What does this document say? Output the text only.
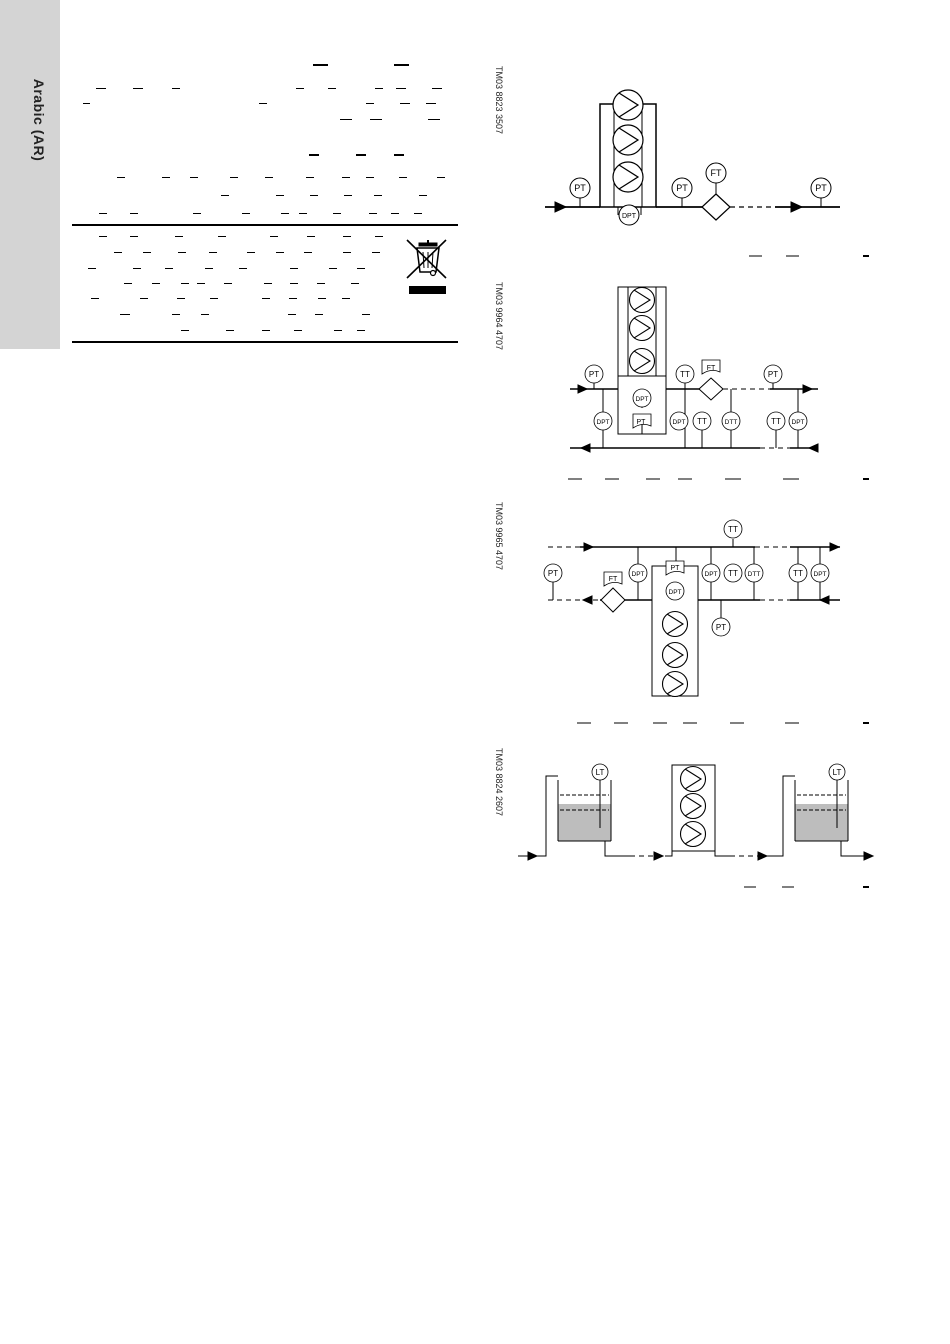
Arabic (AR)	TM03 8823 3507
TM03 9964 4707
TM03 9965 4707
TM03 8824 2607
PT	PT
FT
PT
DPT
PT	TT	PT
FT
DPT	DPT TT	DTT	TT DPT
DPT
PT
TT
PT	DPT
DPT
DPT TT DTT	TT DPT
PT
FT
PT
LT	LT
